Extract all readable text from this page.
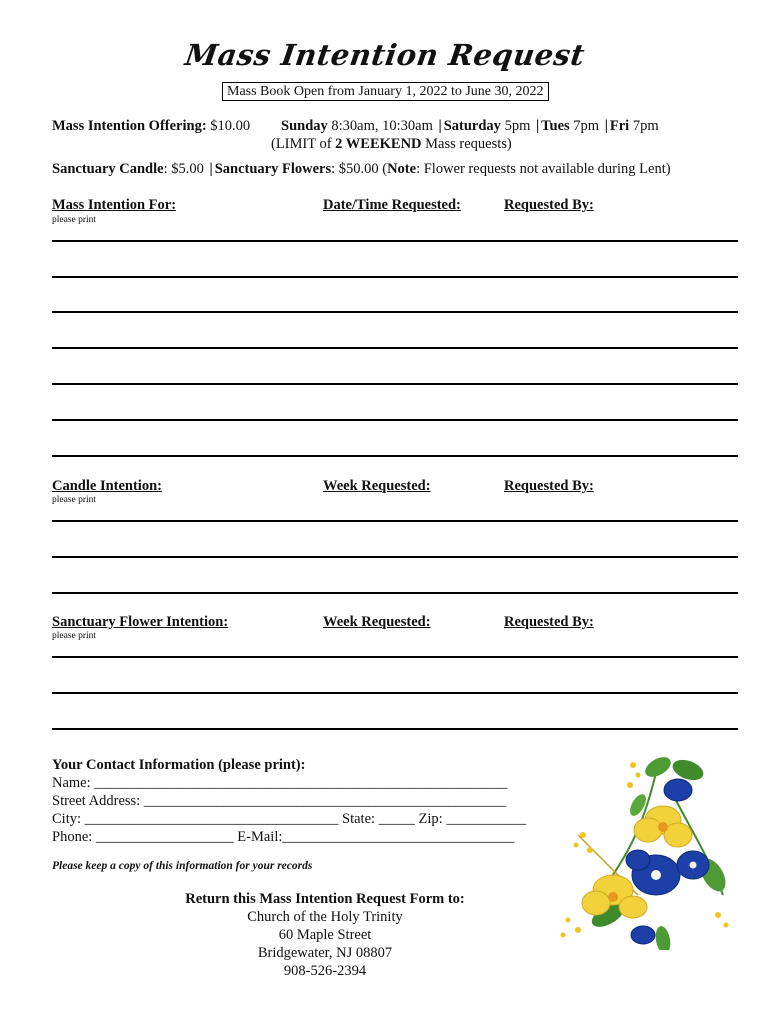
Mass Intention Request
Mass Book Open from January 1, 2022 to June 30, 2022
Mass Intention Offering: $10.00 Sunday 8:30am, 10:30am | Saturday 5pm | Tues 7pm | Fri 7pm
(LIMIT of 2 WEEKEND Mass requests)
Sanctuary Candle: $5.00 | Sanctuary Flowers: $50.00 (Note: Flower requests not available during Lent)
Mass Intention For:	Date/Time Requested:	Requested By:
please print
Candle Intention:	Week Requested:	Requested By:
please print
Sanctuary Flower Intention:	Week Requested:	Requested By:
please print
Your Contact Information (please print):
Name: _________________________________________________________
Street Address: __________________________________________________
City: ___________________________________ State: _____ Zip: ___________
Phone: ___________________ E-Mail:________________________________
Please keep a copy of this information for your records
Return this Mass Intention Request Form to:
Church of the Holy Trinity
60 Maple Street
Bridgewater, NJ 08807
908-526-2394
